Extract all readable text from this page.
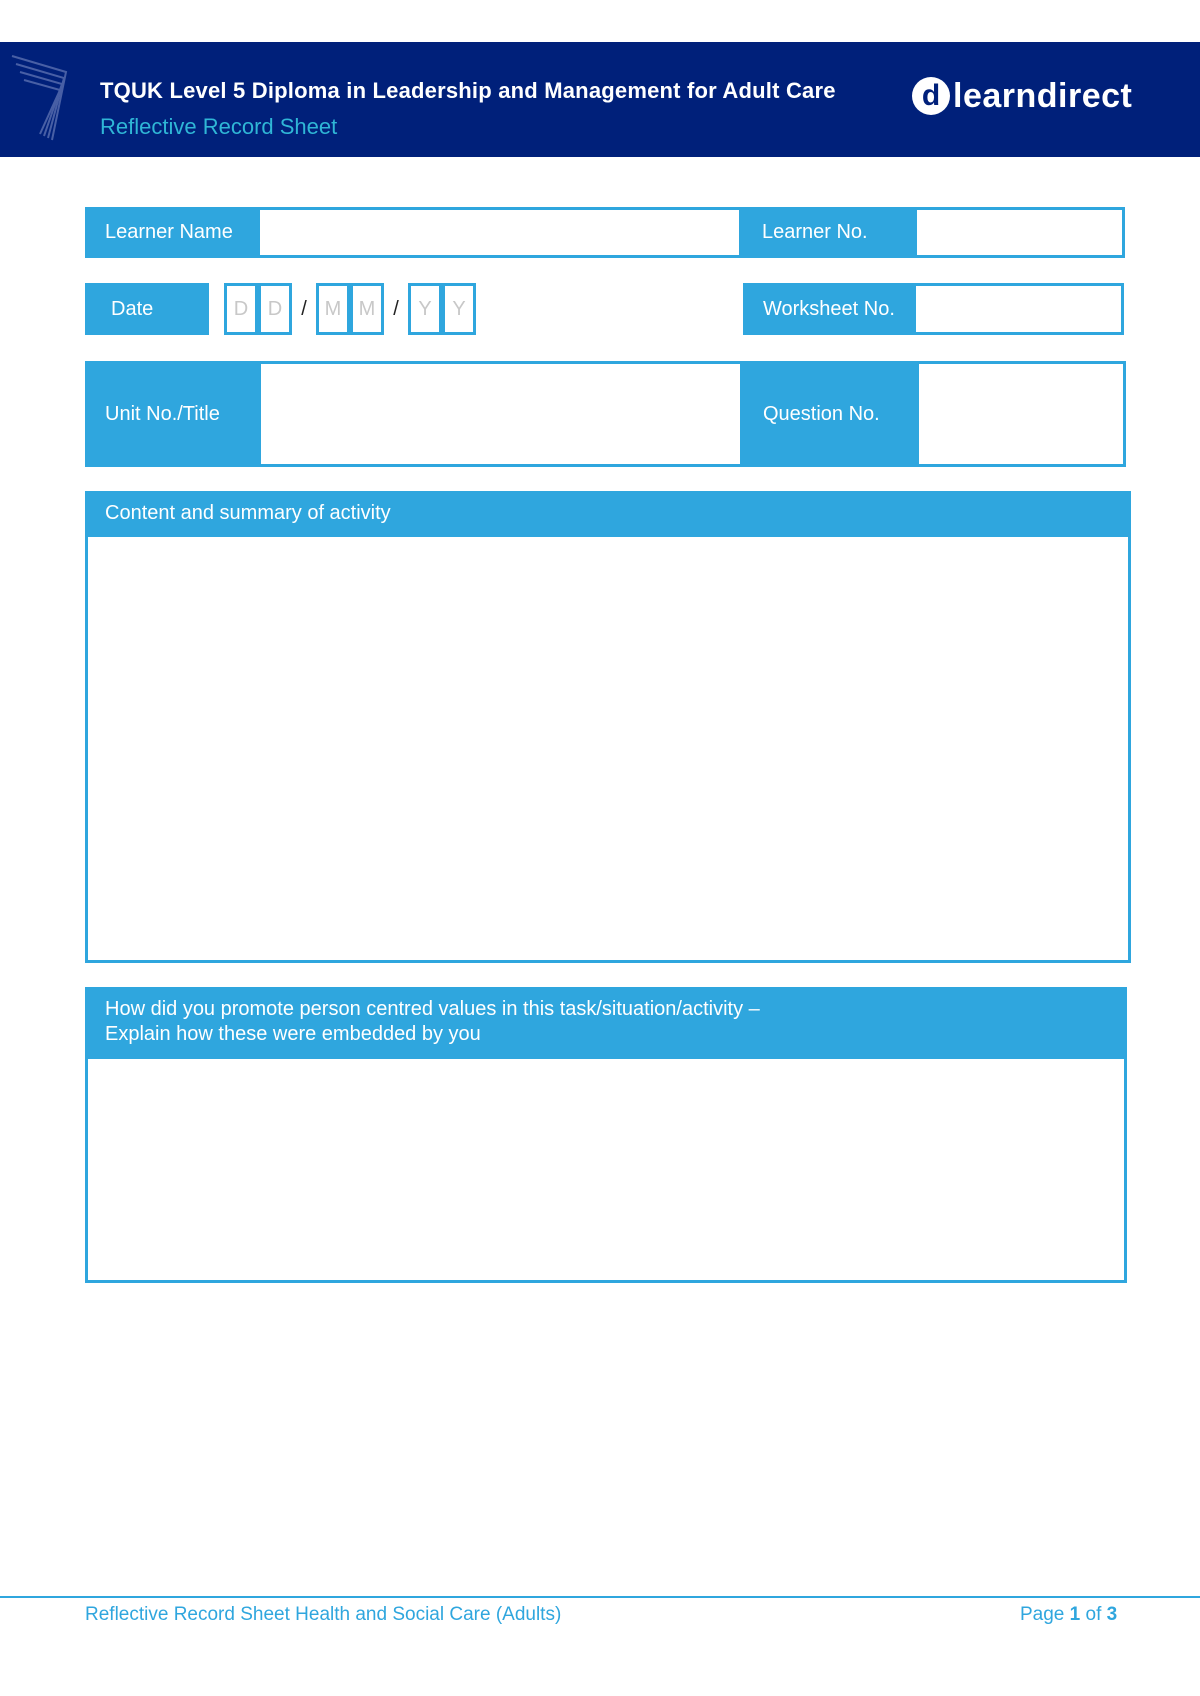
TQUK Level 5 Diploma in Leadership and Management for Adult Care
Reflective Record Sheet
d learndirect
Learner Name	Learner No.
Date	D D / M M / Y	Y	Worksheet No.
Unit No./Title	Question No.
Content and summary of activity
How did you promote person centred values in this task/situation/activity –
Explain how these were embedded by you
Reflective Record Sheet Health and Social Care (Adults)	Page 1 of 3
